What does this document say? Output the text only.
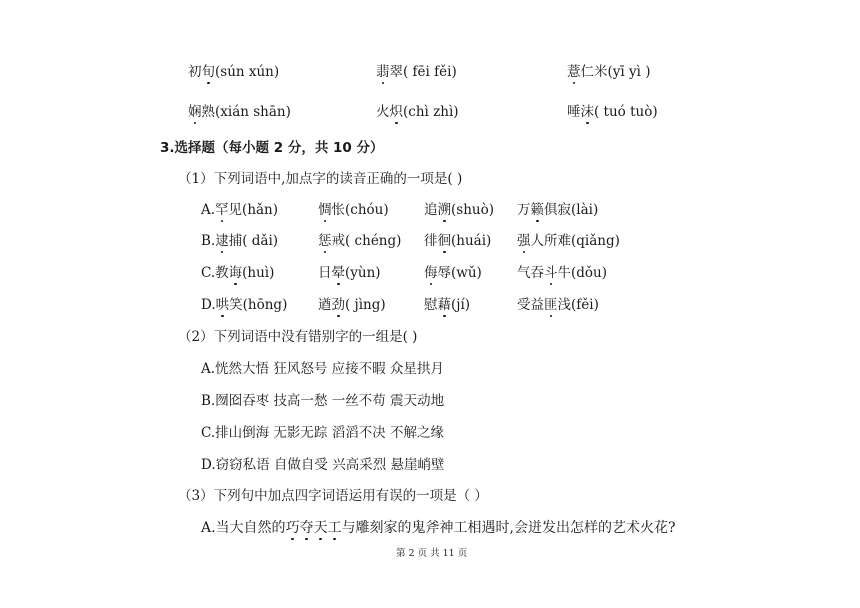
初旬(sún xún)	翡翠( fēi fěi)	薏仁米(yī yì )
娴熟(xián shān)	火炽(chì zhì)	唾沫( tuó tuò)
3.选择题（每小题 2 分，共 10 分）
（1）下列词语中,加点字的读音正确的一项是( )
A.罕见(hǎn)	惆怅(chóu)	追溯(shuò) 万籁俱寂(lài)
B.逮捕( dǎi)	惩戒( chéng) 徘徊(huái) 强人所难(qiǎng)
C.教诲(huì)	日晕(yùn)	侮辱(wǔ)	气吞斗牛(dǒu)
D.哄笑(hōng) 遒劲( jìng)	慰藉(jí)	受益匪浅(fěi)
（2）下列词语中没有错别字的一组是( )
A.恍然大悟 狂风怒号 应接不暇 众星拱月
B.囫囵吞枣 技高一愁 一丝不苟 震天动地
C.排山倒海 无影无踪 滔滔不决 不解之缘
D.窃窃私语 自做自受 兴高采烈 悬崖峭壁
（3）下列句中加点四字词语运用有误的一项是（ ）
A.当大自然的巧夺天工与雕刻家的鬼斧神工相遇时,会迸发出怎样的艺术火花?
第 2 页 共 11 页
